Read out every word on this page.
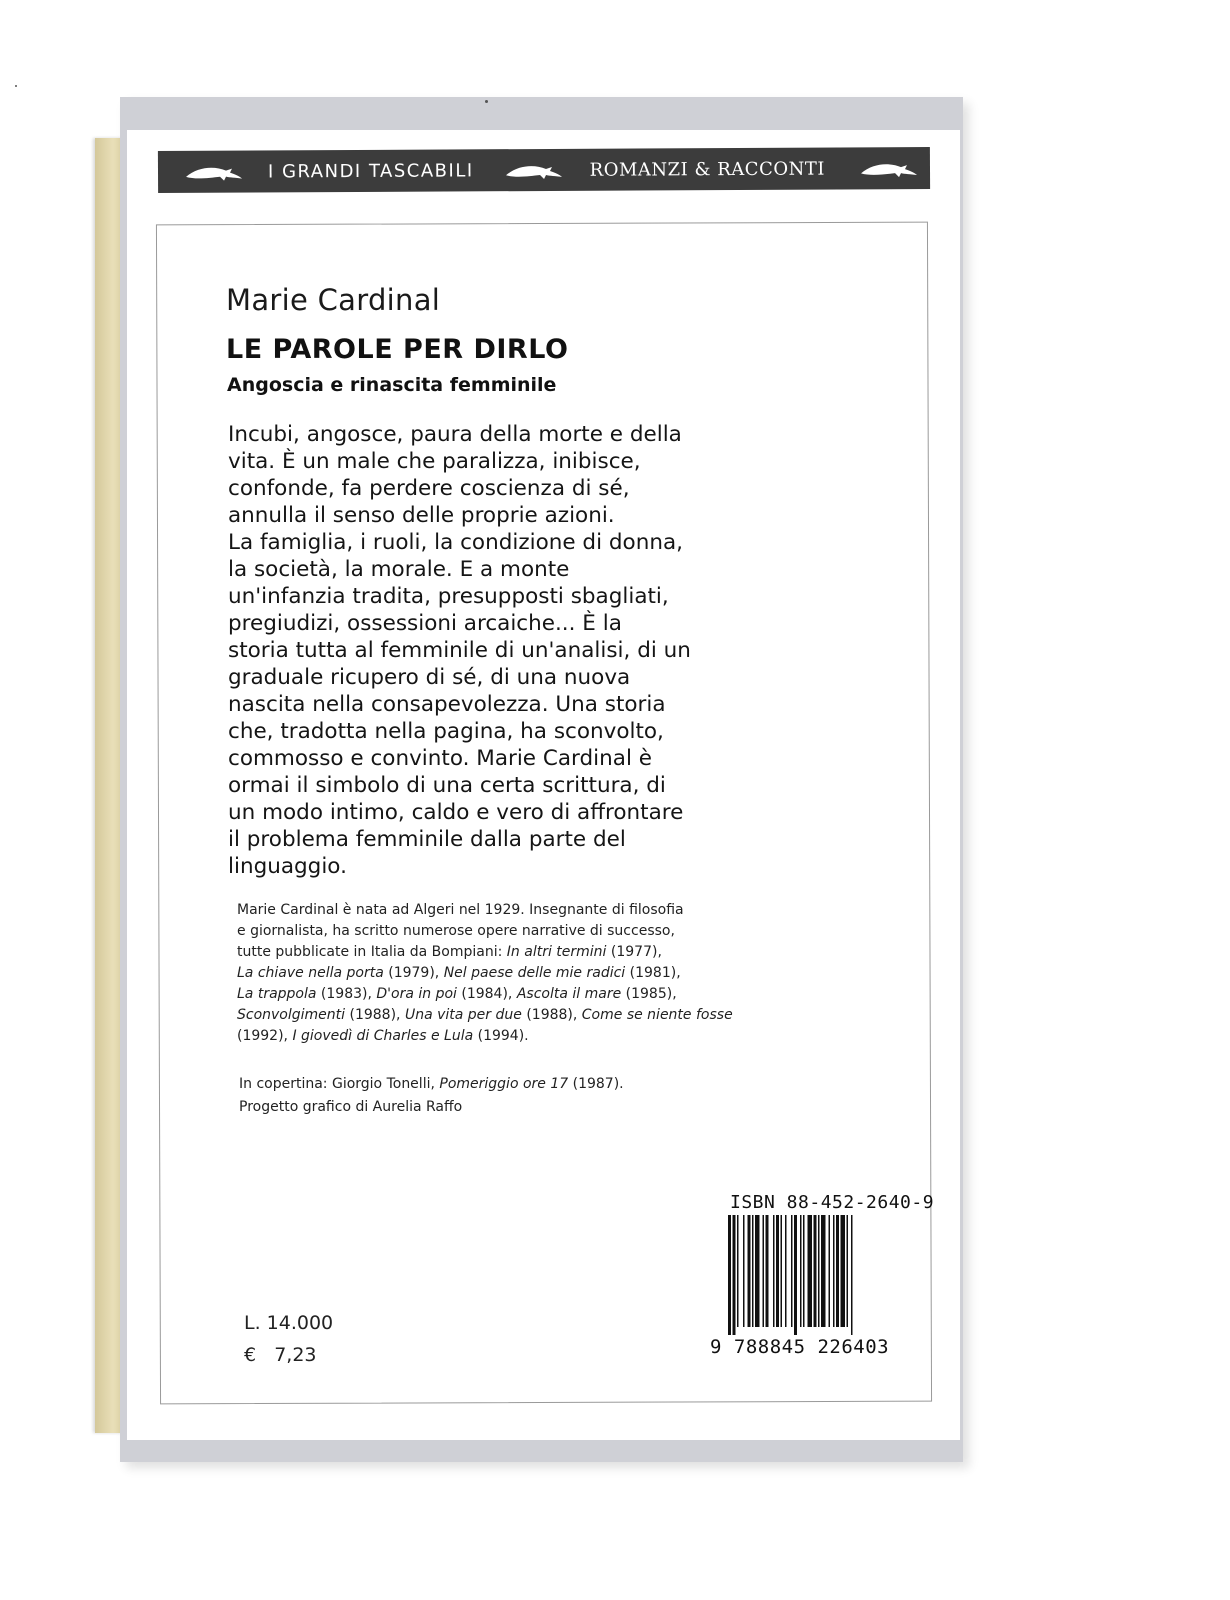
I GRANDI TASCABILI	ROMANZI & RACCONTI
Marie Cardinal
LE PAROLE PER DIRLO
Angoscia e rinascita femminile
Incubi, angosce, paura della morte e della
vita. È un male che paralizza, inibisce,
confonde, fa perdere coscienza di sé,
annulla il senso delle proprie azioni.
La famiglia, i ruoli, la condizione di donna,
la società, la morale. E a monte
un'infanzia tradita, presupposti sbagliati,
pregiudizi, ossessioni arcaiche... È la
storia tutta al femminile di un'analisi, di un
graduale ricupero di sé, di una nuova
nascita nella consapevolezza. Una storia
che, tradotta nella pagina, ha sconvolto,
commosso e convinto. Marie Cardinal è
ormai il simbolo di una certa scrittura, di
un modo intimo, caldo e vero di affrontare
il problema femminile dalla parte del
linguaggio.
Marie Cardinal è nata ad Algeri nel 1929. Insegnante di filosofia
e giornalista, ha scritto numerose opere narrative di successo,
tutte pubblicate in Italia da Bompiani: In altri termini (1977),
La chiave nella porta (1979), Nel paese delle mie radici (1981),
La trappola (1983), D'ora in poi (1984), Ascolta il mare (1985),
Sconvolgimenti (1988), Una vita per due (1988), Come se niente fosse
(1992), I giovedì di Charles e Lula (1994).
In copertina: Giorgio Tonelli, Pomeriggio ore 17 (1987).
Progetto grafico di Aurelia Raffo
L. 14.000
€   7,23
ISBN 88-452-2640-9
9 788845 226403
